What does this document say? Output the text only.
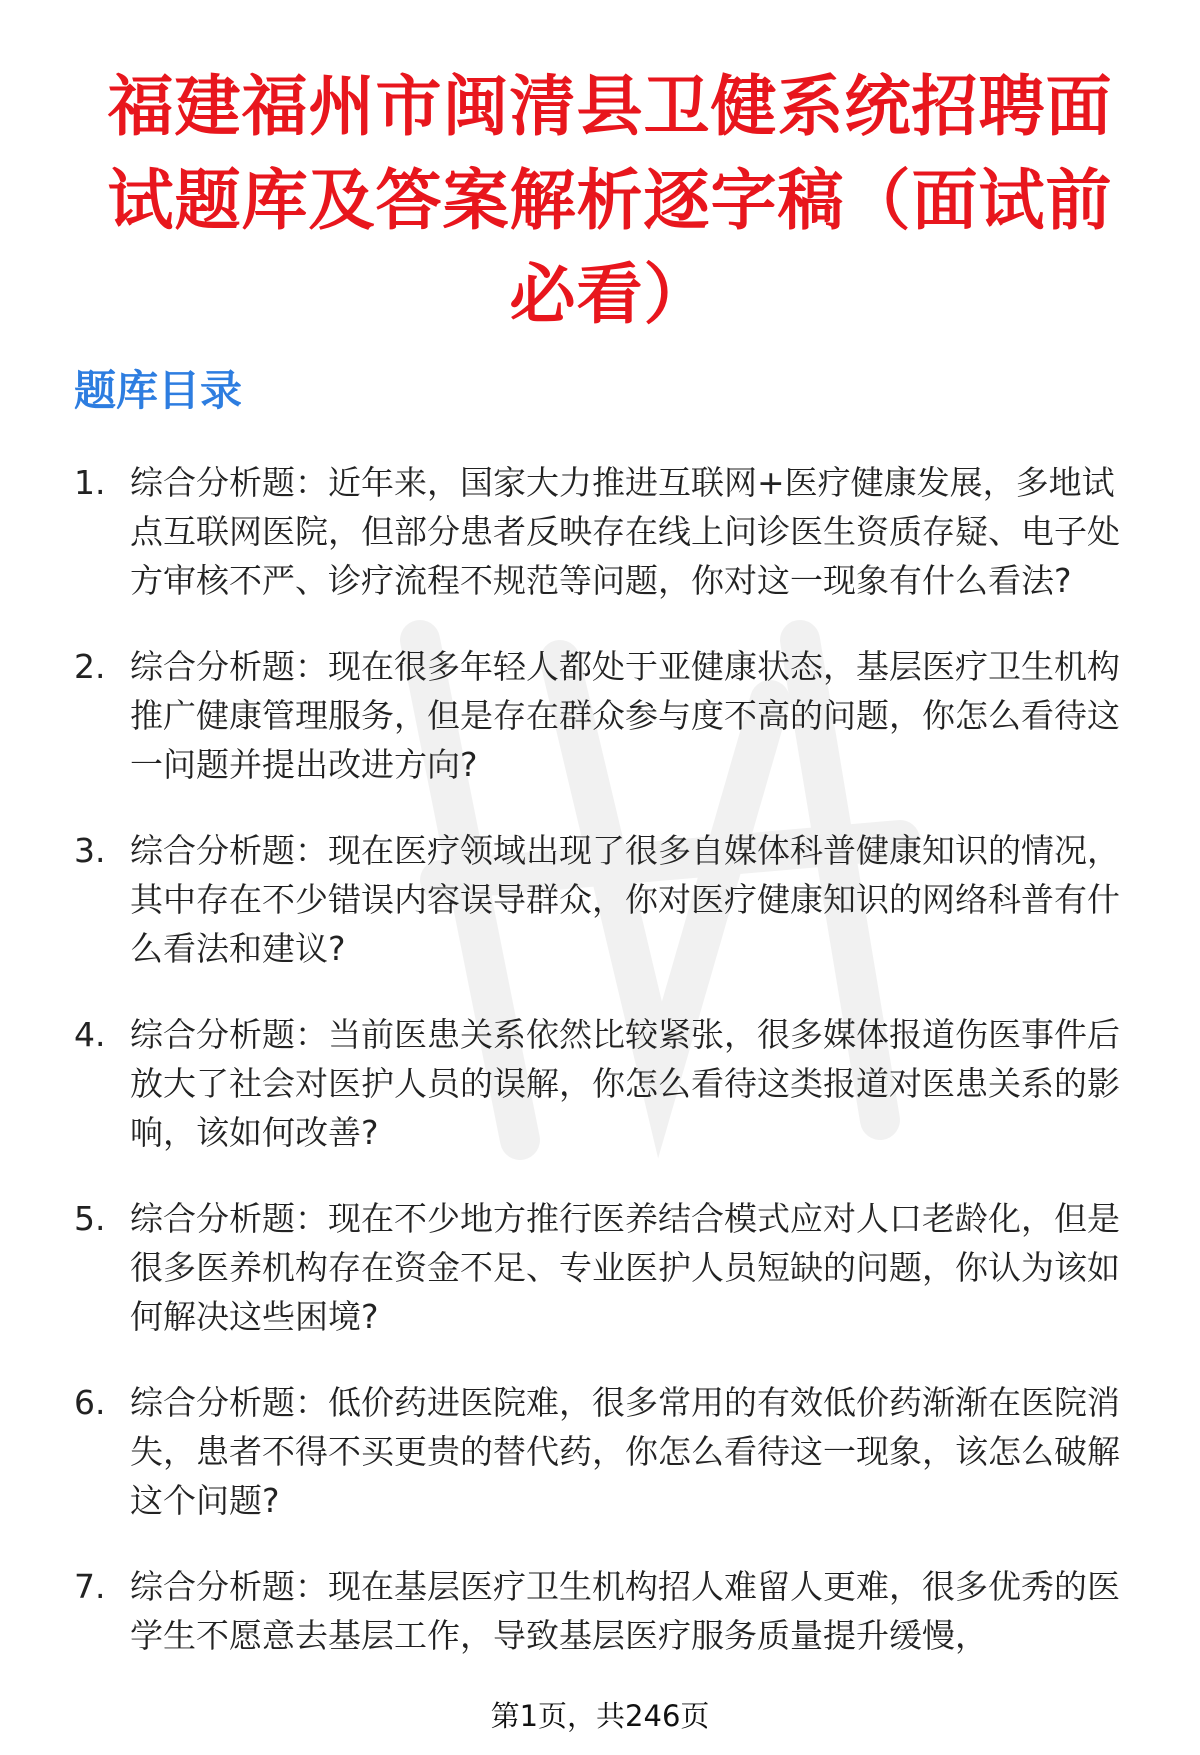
福建福州市闽清县卫健系统招聘面试题库及答案解析逐字稿（面试前必看）
题库目录
1. 综合分析题：近年来，国家大力推进互联网+医疗健康发展，多地试点互联网医院，但部分患者反映存在线上问诊医生资质存疑、电子处方审核不严、诊疗流程不规范等问题，你对这一现象有什么看法?
2. 综合分析题：现在很多年轻人都处于亚健康状态，基层医疗卫生机构推广健康管理服务，但是存在群众参与度不高的问题，你怎么看待这一问题并提出改进方向?
3. 综合分析题：现在医疗领域出现了很多自媒体科普健康知识的情况，其中存在不少错误内容误导群众，你对医疗健康知识的网络科普有什么看法和建议?
4. 综合分析题：当前医患关系依然比较紧张，很多媒体报道伤医事件后放大了社会对医护人员的误解，你怎么看待这类报道对医患关系的影响，该如何改善?
5. 综合分析题：现在不少地方推行医养结合模式应对人口老龄化，但是很多医养机构存在资金不足、专业医护人员短缺的问题，你认为该如何解决这些困境?
6. 综合分析题：低价药进医院难，很多常用的有效低价药渐渐在医院消失，患者不得不买更贵的替代药，你怎么看待这一现象，该怎么破解这个问题?
7. 综合分析题：现在基层医疗卫生机构招人难留人更难，很多优秀的医学生不愿意去基层工作，导致基层医疗服务质量提升缓慢，
第1页，共246页
